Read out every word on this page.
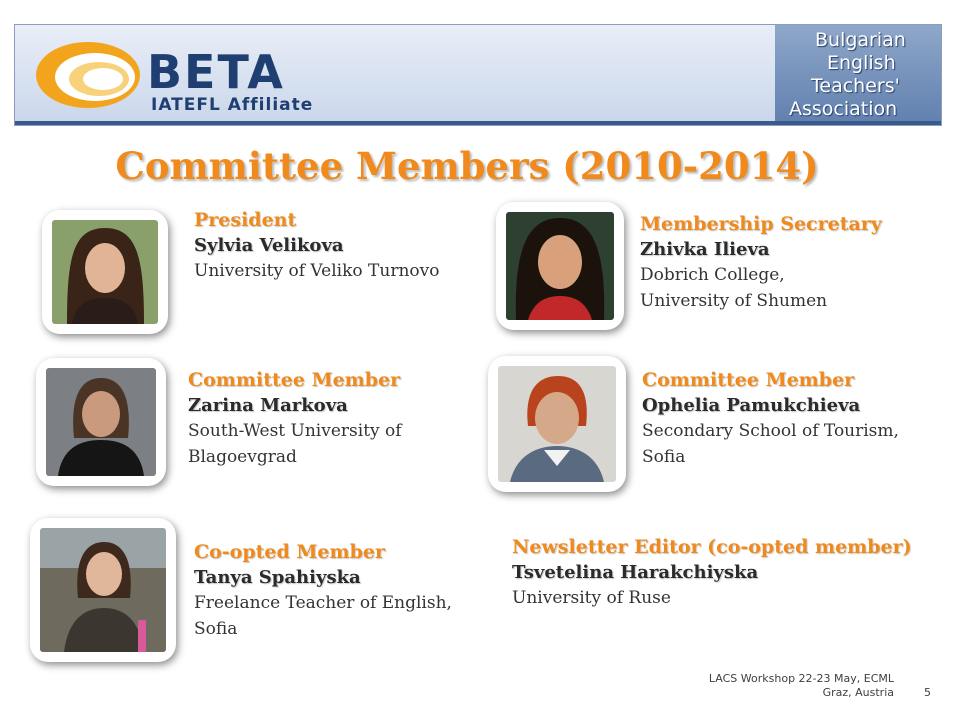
BETA
IATEFL Affiliate
Bulgarian
English
Teachers'
Association
Committee Members (2010-2014)
President
Sylvia Velikova
University of Veliko Turnovo
Membership Secretary
Zhivka Ilieva
Dobrich College,
University of Shumen
Committee Member
Zarina Markova
South-West University of
Blagoevgrad
Committee Member
Ophelia Pamukchieva
Secondary School of Tourism,
Sofia
Co-opted Member
Tanya Spahiyska
Freelance Teacher of English,
Sofia
Newsletter Editor (co-opted member)
Tsvetelina Harakchiyska
University of Ruse
LACS Workshop 22-23 May, ECML
Graz, Austria	5
